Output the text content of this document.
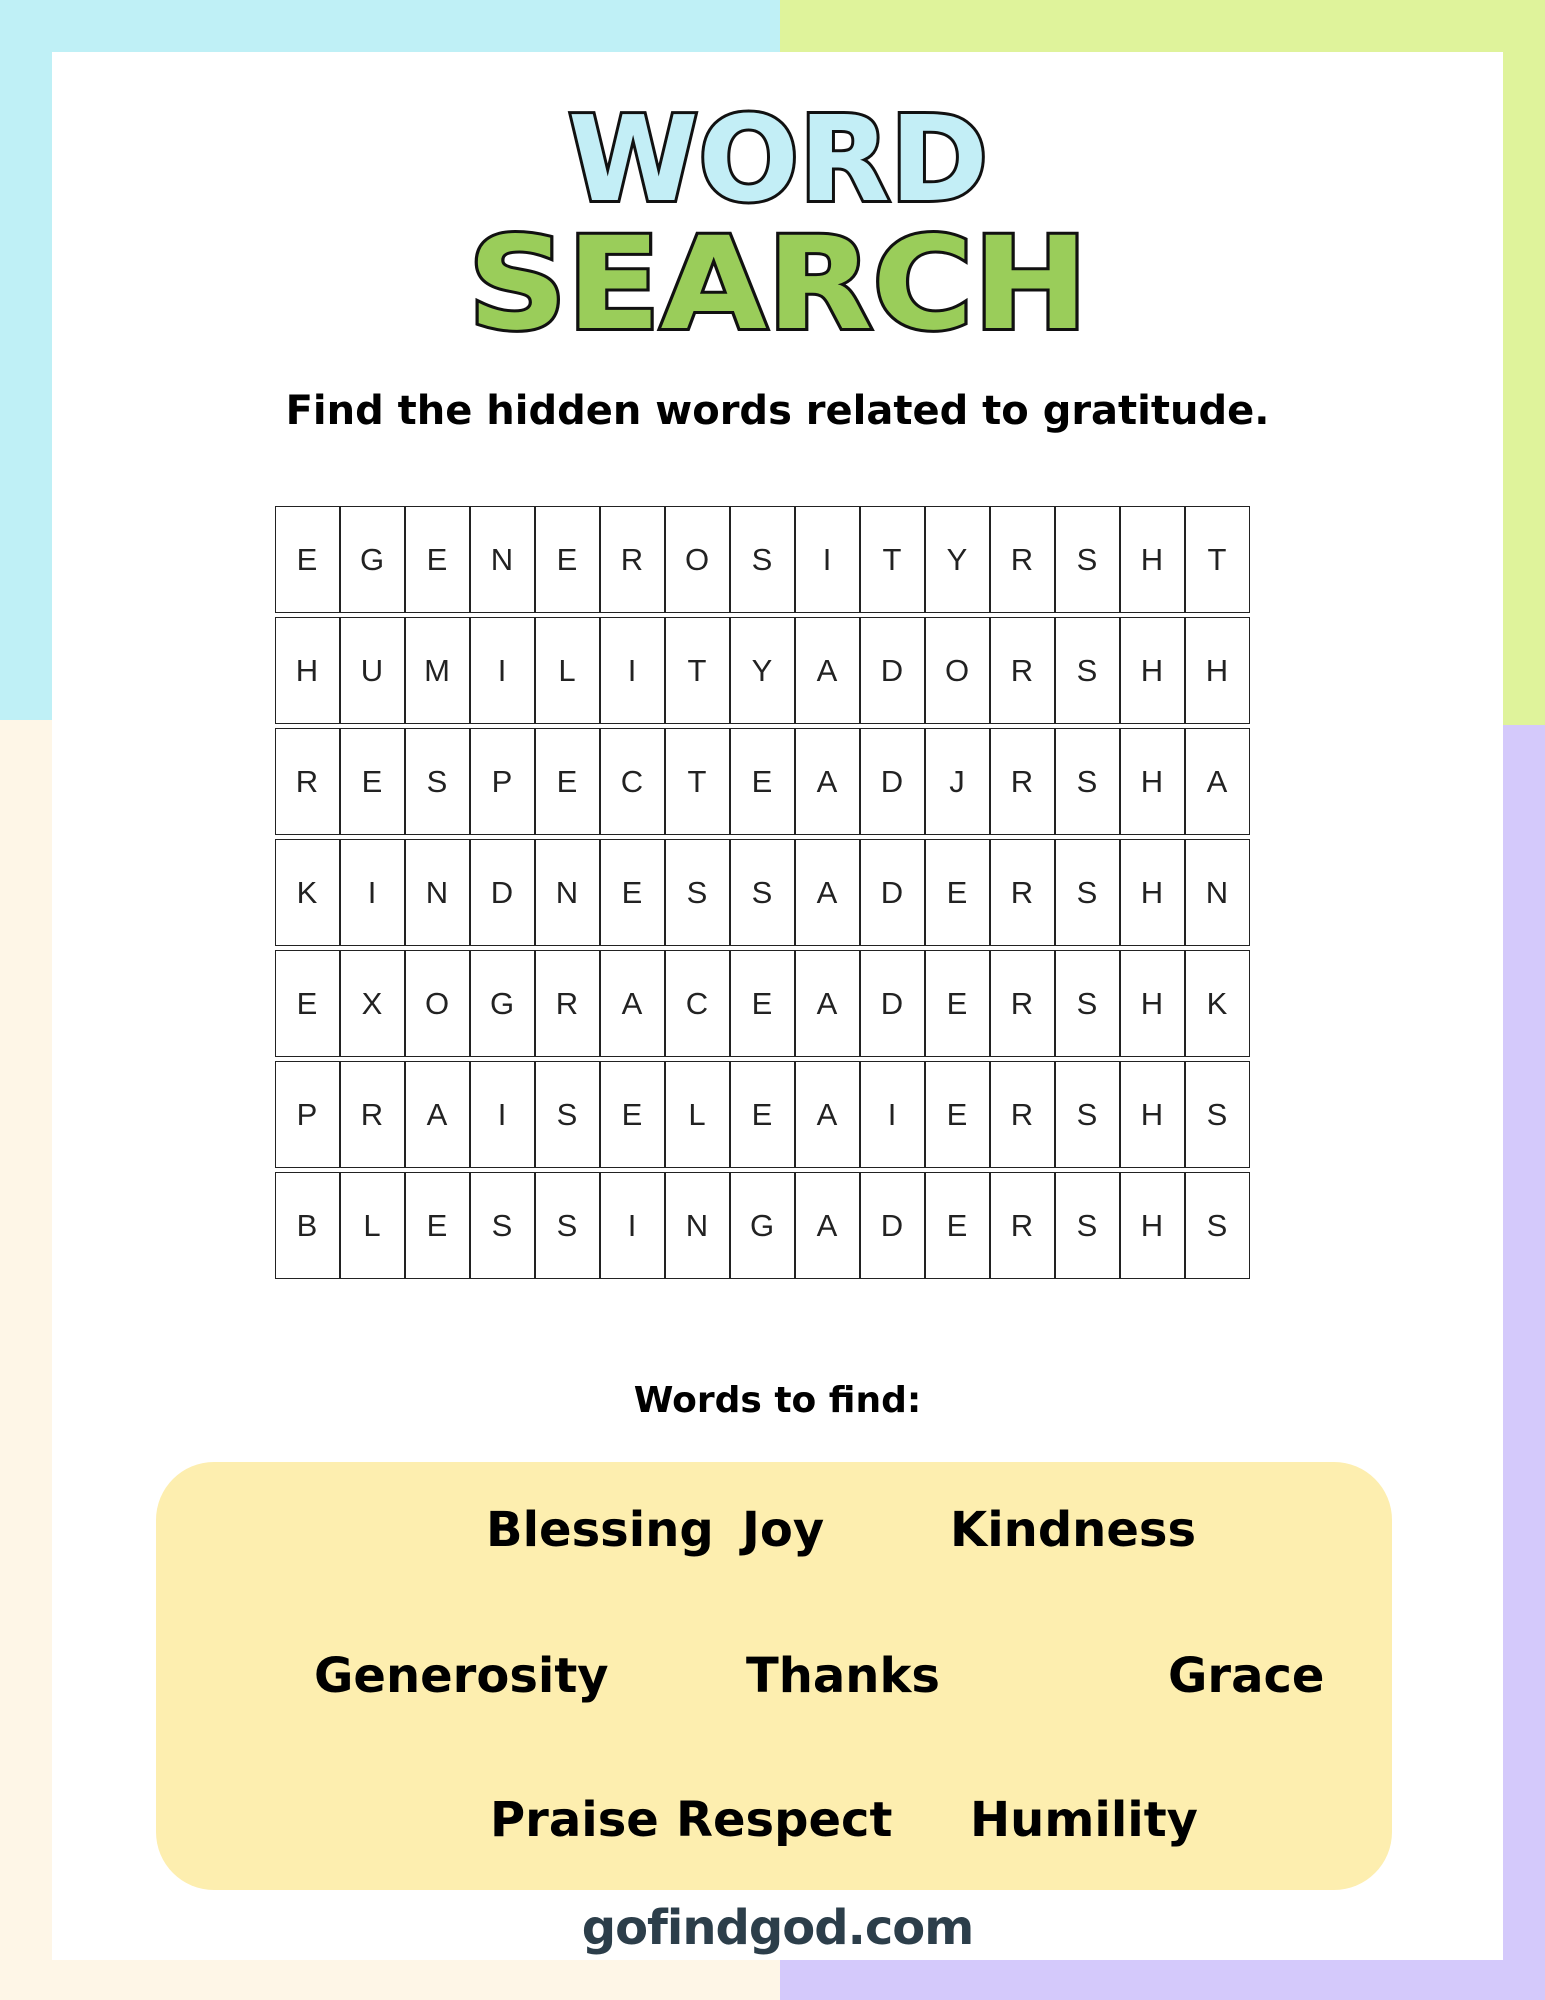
WORD
SEARCH
Find the hidden words related to gratitude.
E	G	E	N	E	R	O	S	I	T	Y	R	S	H	T
H	U	M	I	L	I	T	Y	A	D	O	R	S	H	H
R	E	S	P	E	C	T	E	A	D	J	R	S	H	A
K	I	N	D	N	E	S	S	A	D	E	R	S	H	N
E	X	O	G	R	A	C	E	A	D	E	R	S	H	K
P	R	A	I	S	E	L	E	A	I	E	R	S	H	S
B	L	E	S	S	I	N	G	A	D	E	R	S	H	S
Words to find:
Blessing Joy	Kindness
Generosity	Thanks	Grace
Praise Respect Humility
gofindgod.com
